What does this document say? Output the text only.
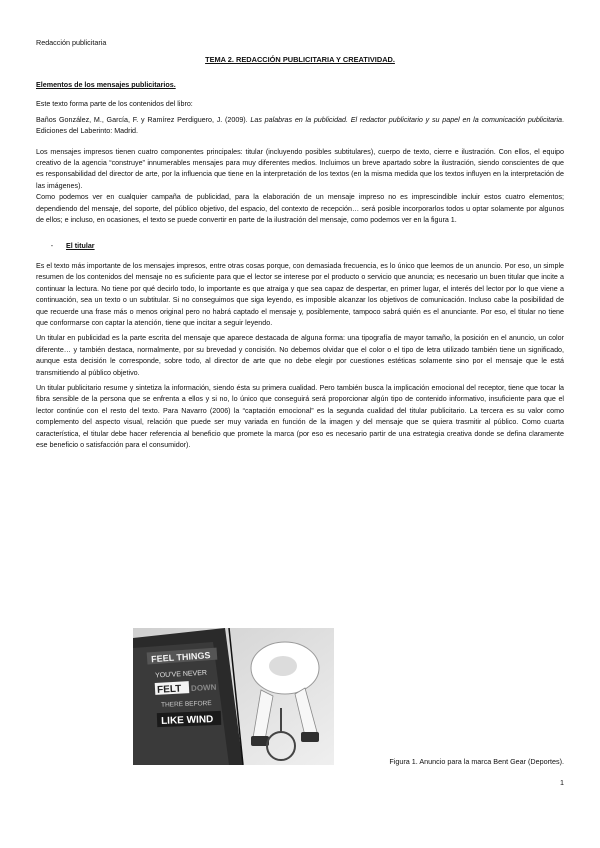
Redacción publicitaria
TEMA 2. REDACCIÓN PUBLICITARIA Y CREATIVIDAD.

Elementos de los mensajes publicitarios.

Este texto forma parte de los contenidos del libro:

Baños González, M., García, F. y Ramírez Perdiguero, J. (2009). Las palabras en la publicidad. El redactor publicitario y su papel en la comunicación publicitaria. Ediciones del Laberinto: Madrid.

Los mensajes impresos tienen cuatro componentes principales: titular (incluyendo posibles subtitulares), cuerpo de texto, cierre e ilustración. Con ellos, el equipo creativo de la agencia “construye” innumerables mensajes para muy diferentes medios. Incluimos un breve apartado sobre la ilustración, siendo conscientes de que es responsabilidad del director de arte, por la influencia que tiene en la interpretación de los textos (en la misma medida que los textos influyen en la interpretación de las imágenes).

Como podemos ver en cualquier campaña de publicidad, para la elaboración de un mensaje impreso no es imprescindible incluir estos cuatro elementos; dependiendo del mensaje, del soporte, del público objetivo, del espacio, del contexto de recepción… será posible incorporarlos todos u optar solamente por algunos de ellos; e incluso, en ocasiones, el texto se puede convertir en parte de la ilustración del mensaje, como podemos ver en la figura 1.

-	El titular

Es el texto más importante de los mensajes impresos, entre otras cosas porque, con demasiada frecuencia, es lo único que leemos de un anuncio. Por eso, un simple resumen de los contenidos del mensaje no es suficiente para que el lector se interese por el producto o servicio que anuncia; es necesario un buen titular que incite a continuar la lectura. No tiene por qué decirlo todo, lo importante es que atraiga y que sea capaz de despertar, en primer lugar, el interés del lector por lo que viene a continuación, sea un texto o un subtitular. Si no conseguimos que siga leyendo, es imposible alcanzar los objetivos de comunicación. Incluso cabe la posibilidad de que recuerde una frase más o menos original pero no habrá captado el mensaje y, posiblemente, tampoco sabrá quién es el anunciante. Por eso, el titular no tiene que conformarse con captar la atención, tiene que incitar a seguir leyendo.

Un titular en publicidad es la parte escrita del mensaje que aparece destacada de alguna forma: una tipografía de mayor tamaño, la posición en el anuncio, un color diferente… y también destaca, normalmente, por su brevedad y concisión. No debemos olvidar que el color o el tipo de letra utilizado también tiene un significado, aunque esta decisión le corresponde, sobre todo, al director de arte que no debe elegir por cuestiones estéticas solamente sino por el mensaje que le está transmitiendo al público objetivo.

Un titular publicitario resume y sintetiza la información, siendo ésta su primera cualidad. Pero también busca la implicación emocional del receptor, tiene que tocar la fibra sensible de la persona que se enfrenta a ellos y si no, lo único que conseguirá será proporcionar algún tipo de contenido informativo, insuficiente para que el lector continúe con el resto del texto. Para Navarro (2006) la “captación emocional” es la segunda cualidad del titular publicitario. La tercera es su valor como complemento del aspecto visual, relación que puede ser muy variada en función de la imagen y del mensaje que se quiera trasmitir al público. Como cuarta característica, el titular debe hacer referencia al beneficio que promete la marca (por eso es necesario partir de una estrategia creativa donde se defina claramente ese beneficio o satisfacción para el consumidor).

FEEL THINGS
YOU'VE NEVER
FELT DOWN
THERE BEFORE
LIKE WIND
Figura 1. Anuncio para la marca Bent Gear (Deportes).
1
